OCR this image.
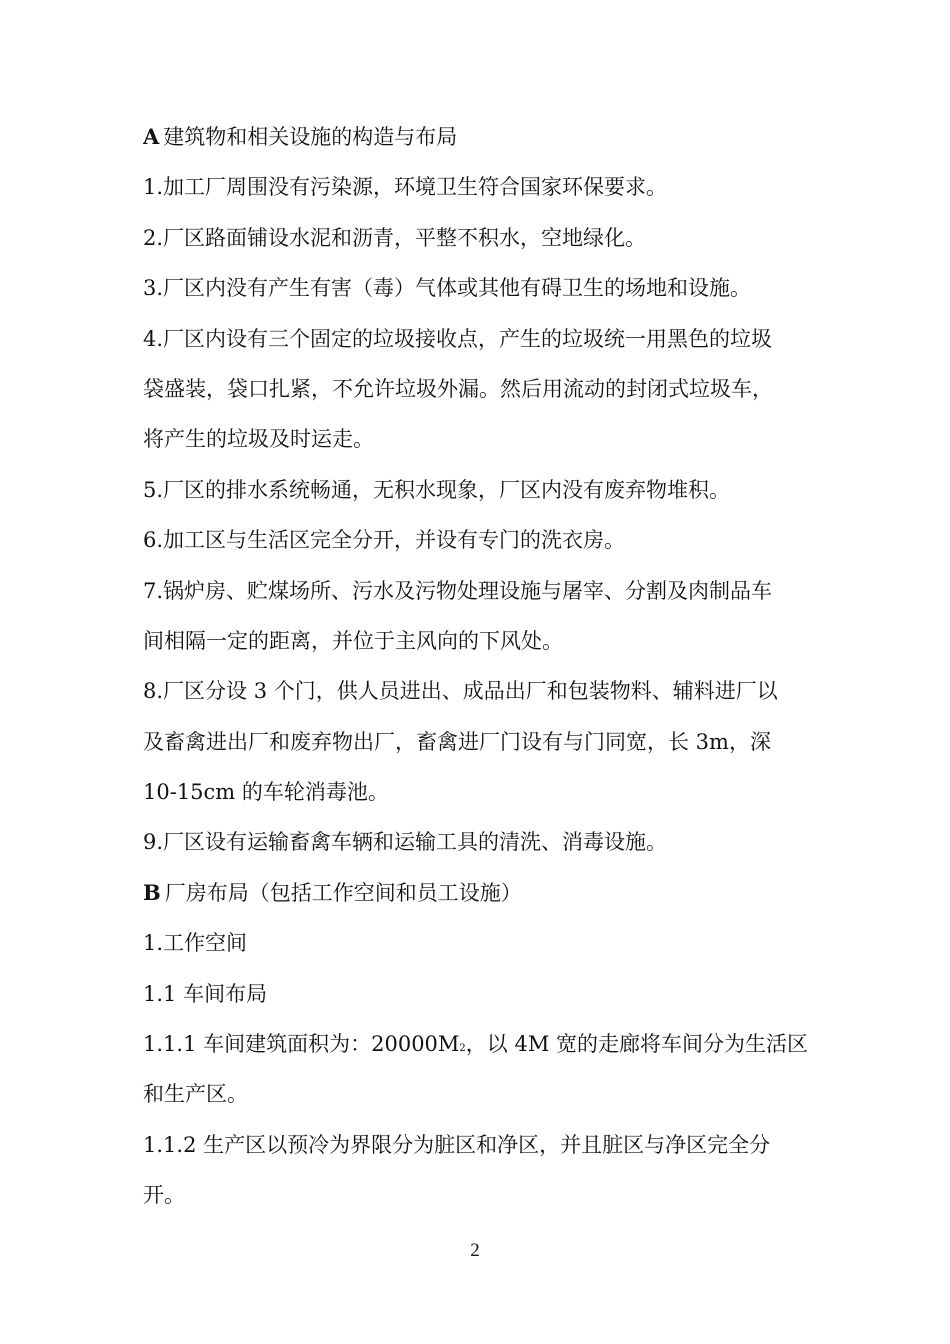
A 建筑物和相关设施的构造与布局
1.加工厂周围没有污染源，环境卫生符合国家环保要求。
2.厂区路面铺设水泥和沥青，平整不积水，空地绿化。
3.厂区内没有产生有害（毒）气体或其他有碍卫生的场地和设施。
4.厂区内设有三个固定的垃圾接收点，产生的垃圾统一用黑色的垃圾
袋盛装，袋口扎紧，不允许垃圾外漏。然后用流动的封闭式垃圾车，
将产生的垃圾及时运走。
5.厂区的排水系统畅通，无积水现象，厂区内没有废弃物堆积。
6.加工区与生活区完全分开，并设有专门的洗衣房。
7.锅炉房、贮煤场所、污水及污物处理设施与屠宰、分割及肉制品车
间相隔一定的距离，并位于主风向的下风处。
8.厂区分设 3 个门，供人员进出、成品出厂和包装物料、辅料进厂以
及畜禽进出厂和废弃物出厂，畜禽进厂门设有与门同宽，长 3m，深
10-15cm 的车轮消毒池。
9.厂区设有运输畜禽车辆和运输工具的清洗、消毒设施。
B 厂房布局（包括工作空间和员工设施）
1.工作空间
1.1 车间布局
1.1.1 车间建筑面积为：20000M2，以 4M 宽的走廊将车间分为生活区
和生产区。
1.1.2 生产区以预冷为界限分为脏区和净区，并且脏区与净区完全分
开。
2
